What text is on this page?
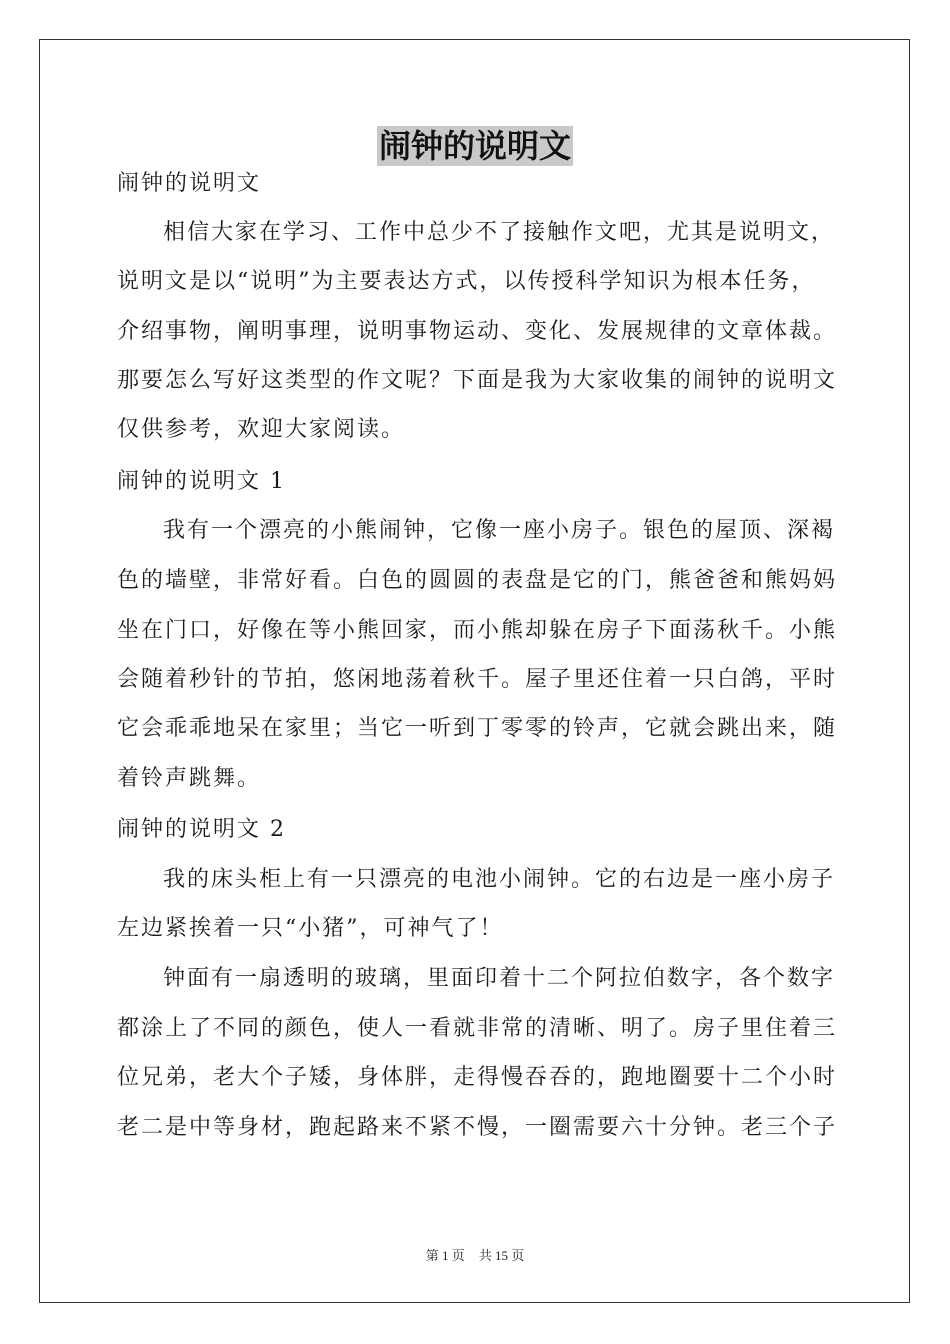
闹钟的说明文
闹钟的说明文
相信大家在学习、工作中总少不了接触作文吧，尤其是说明文，
说明文是以“说明”为主要表达方式，以传授科学知识为根本任务，
介绍事物，阐明事理，说明事物运动、变化、发展规律的文章体裁。
那要怎么写好这类型的作文呢？下面是我为大家收集的闹钟的说明文
仅供参考，欢迎大家阅读。
闹钟的说明文 1
我有一个漂亮的小熊闹钟，它像一座小房子。银色的屋顶、深褐
色的墙壁，非常好看。白色的圆圆的表盘是它的门，熊爸爸和熊妈妈
坐在门口，好像在等小熊回家，而小熊却躲在房子下面荡秋千。小熊
会随着秒针的节拍，悠闲地荡着秋千。屋子里还住着一只白鸽，平时
它会乖乖地呆在家里；当它一听到丁零零的铃声，它就会跳出来，随
着铃声跳舞。
闹钟的说明文 2
我的床头柜上有一只漂亮的电池小闹钟。它的右边是一座小房子
左边紧挨着一只“小猪”，可神气了！
钟面有一扇透明的玻璃，里面印着十二个阿拉伯数字，各个数字
都涂上了不同的颜色，使人一看就非常的清晰、明了。房子里住着三
位兄弟，老大个子矮，身体胖，走得慢吞吞的，跑地圈要十二个小时
老二是中等身材，跑起路来不紧不慢，一圈需要六十分钟。老三个子
第 1 页 共 15 页
